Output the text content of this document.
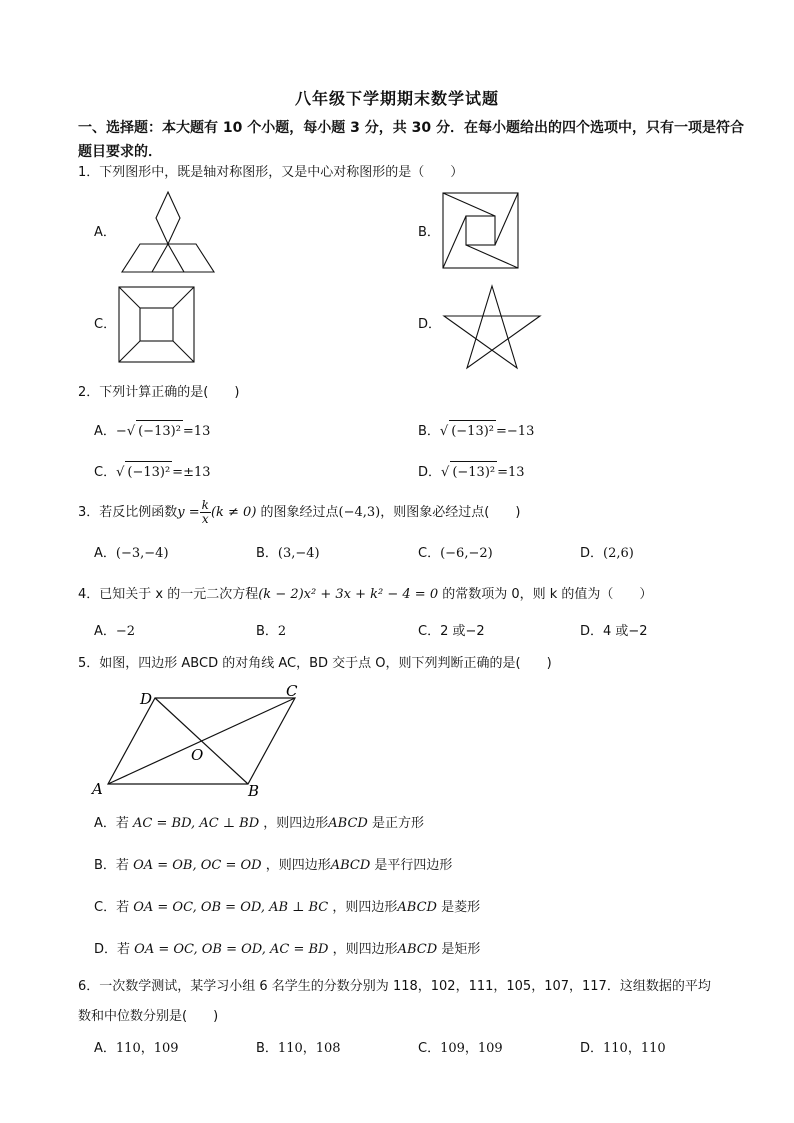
八年级下学期期末数学试题
一、选择题：本大题有 10 个小题，每小题 3 分，共 30 分．在每小题给出的四个选项中，只有一项是符合题目要求的．
1．下列图形中，既是轴对称图形，又是中心对称图形的是（　　）
A．	B．
C．	D．
2．下列计算正确的是(　　)
A．−√ (−13)² =13	B．√ (−13)² =−13
C．√ (−13)² =±13	D．√ (−13)² =13
3．若反比例函数$y = \frac{k}{x} (k \ne 0)$ 的图象经过点(−4,3)，则图象必经过点(　　)
A．(−3,−4)	B．(3,−4)	C．(−6,−2)	D．(2,6)
4．已知关于 x 的一元二次方程(k − 2)x² + 3x + k² − 4 = 0 的常数项为 0，则 k 的值为（　　）
A．−2	B．2	C．2 或−2	D．4 或−2
5．如图，四边形 ABCD 的对角线 AC，BD 交于点 O，则下列判断正确的是(　　)
A	B
C
D
O
A．若 AC = BD, AC ⊥ BD ，则四边形ABCD 是正方形
B．若 OA = OB, OC = OD ，则四边形ABCD 是平行四边形
C．若 OA = OC, OB = OD, AB ⊥ BC ，则四边形ABCD 是菱形
D．若 OA = OC, OB = OD, AC = BD ，则四边形ABCD 是矩形
6．一次数学测试，某学习小组 6 名学生的分数分别为 118，102，111，105，107，117．这组数据的平均
数和中位数分别是(　　)
A．110，109	B．110，108	C．109，109	D．110，110
